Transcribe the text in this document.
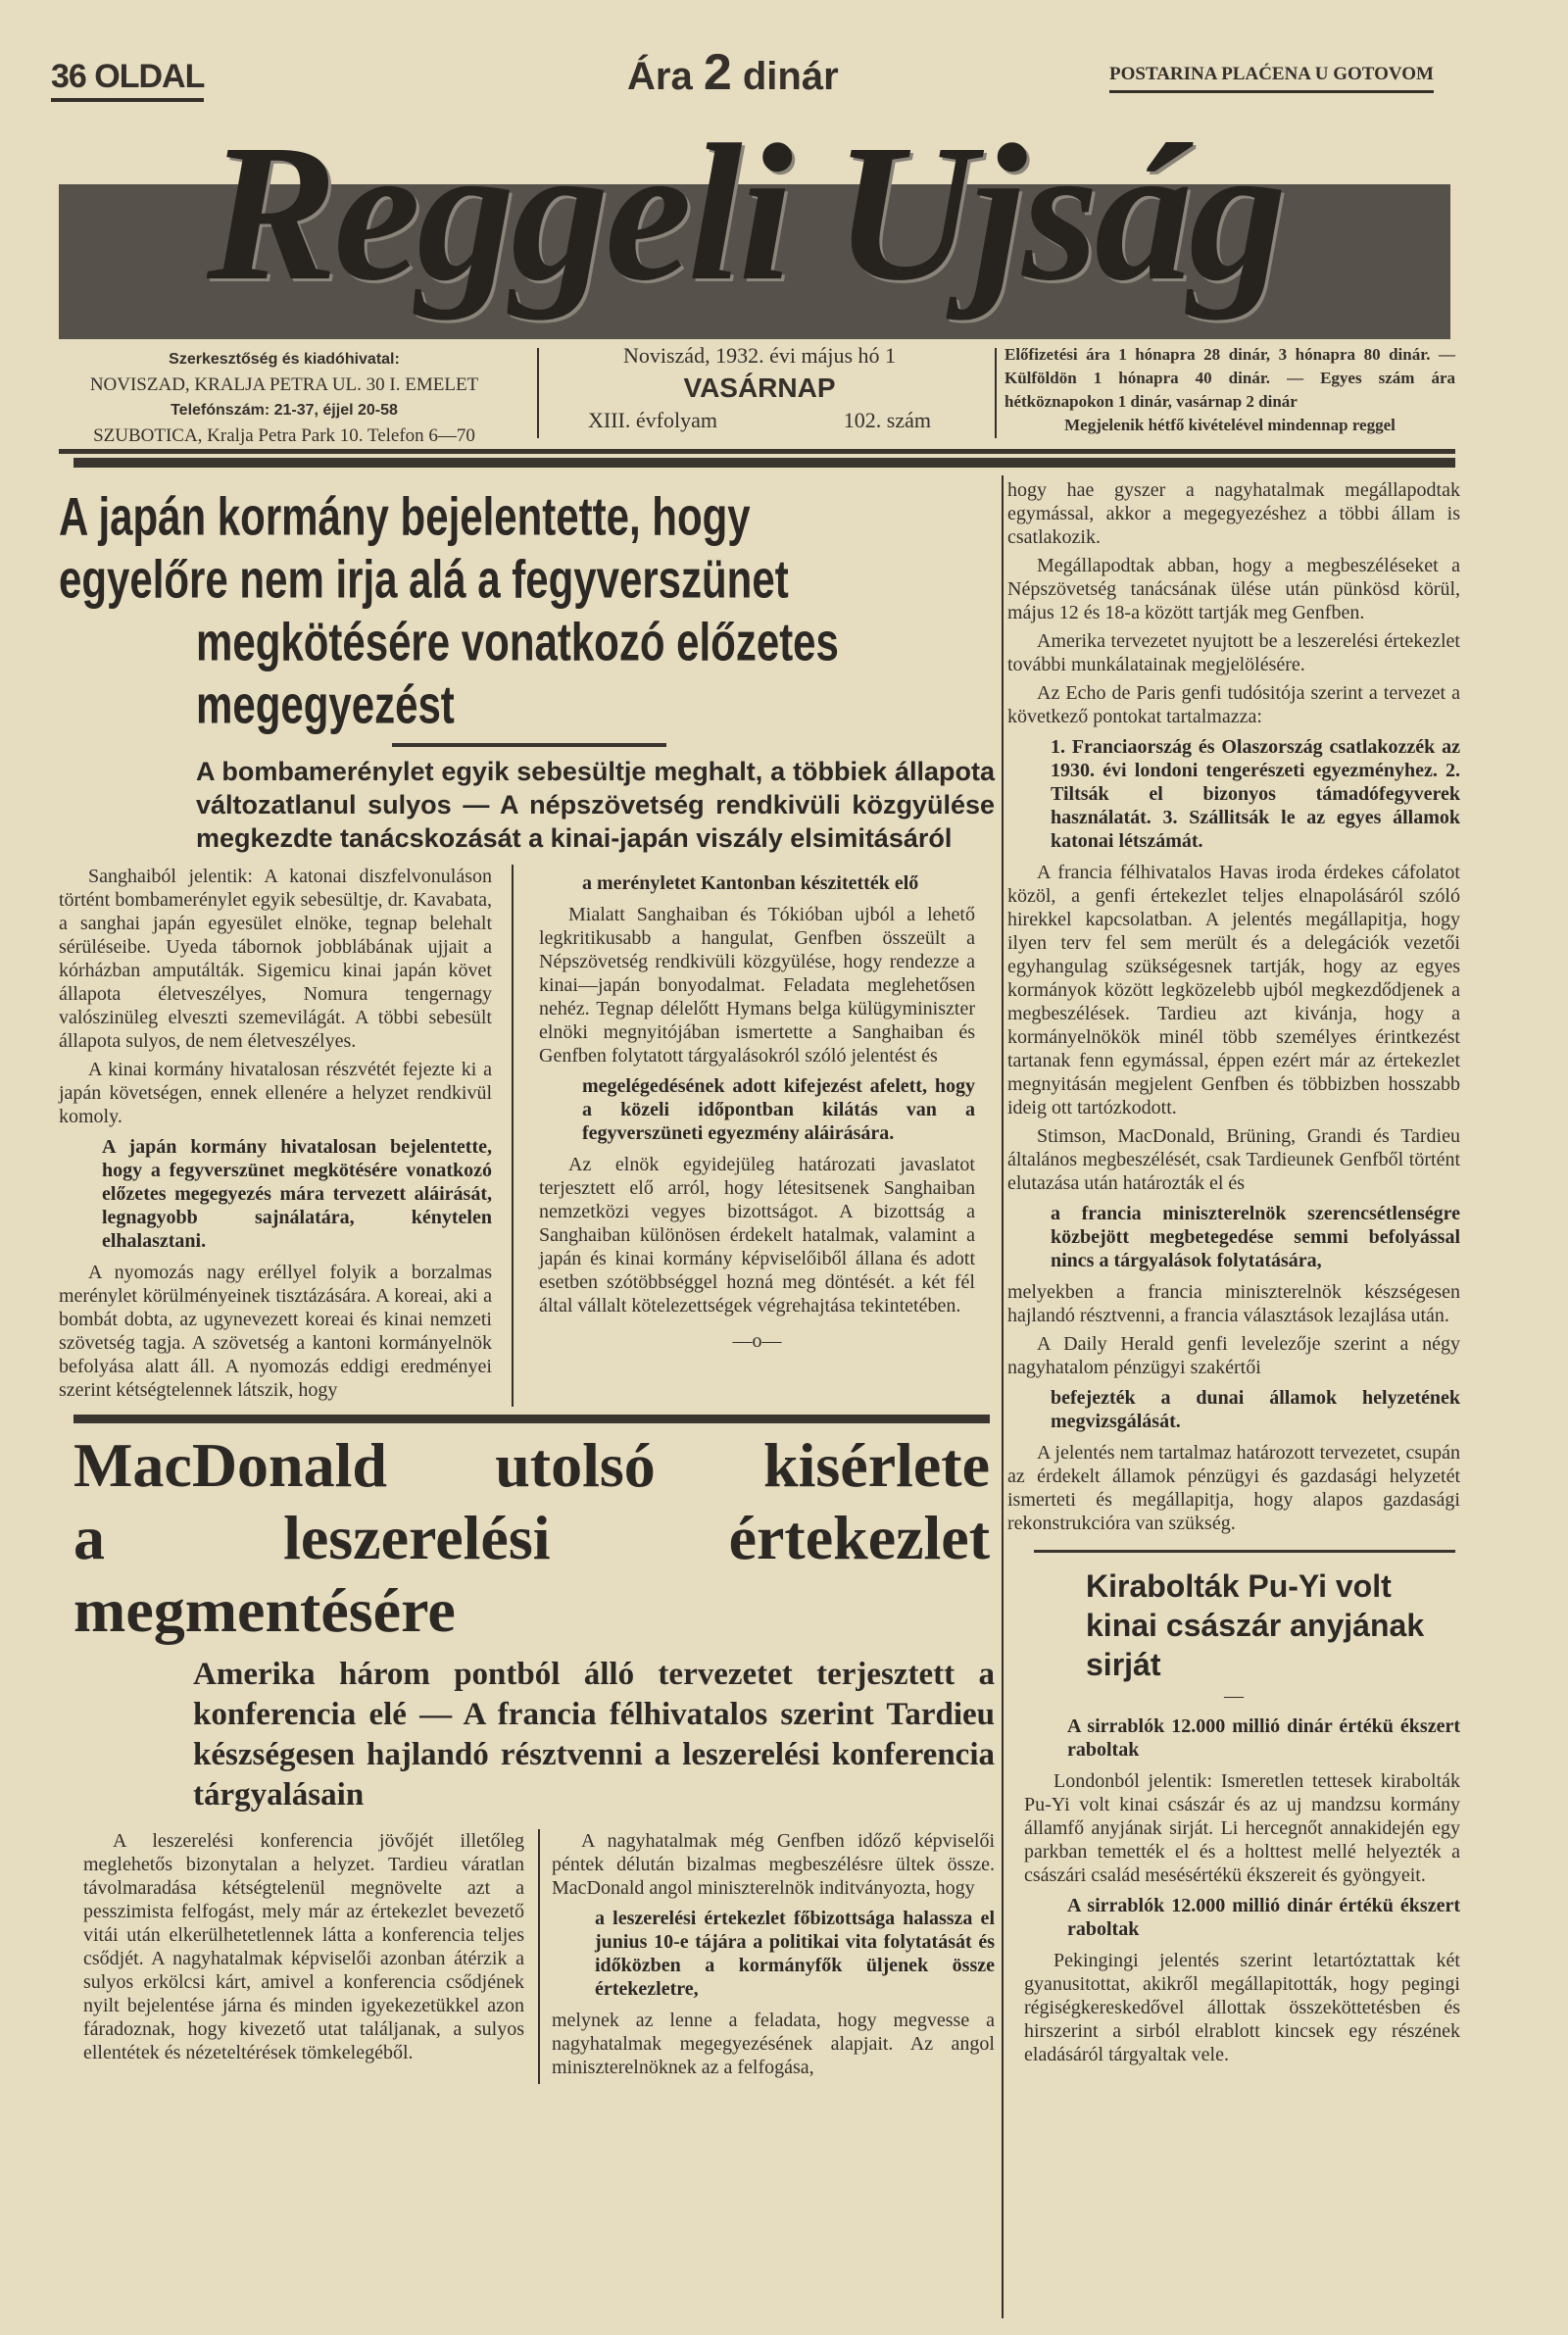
36 OLDAL	Ára 2 dinár	POSTARINA PLAĆENA U GOTOVOM
Reggeli Ujság
Szerkesztőség és kiadóhivatal:
NOVISZAD, KRALJA PETRA UL. 30 I. EMELET
Telefónszám: 21-37, éjjel 20-58
SZUBOTICA, Kralja Petra Park 10. Telefon 6—70
Noviszád, 1932. évi május hó 1
VASÁRNAP
XIII. évfolyam	102. szám
Előfizetési ára 1 hónapra 28 dinár, 3 hónapra 80 dinár. — Külföldön 1 hónapra 40 dinár. — Egyes szám ára hétköznapokon 1 dinár, vasárnap 2 dinár
Megjelenik hétfő kivételével mindennap reggel
A japán kormány bejelentette, hogy
egyelőre nem irja alá a fegyverszünet
megkötésére vonatkozó előzetes
megegyezést
A bombamerénylet egyik sebesültje meghalt, a többiek állapota változatlanul sulyos — A népszövetség rendkivüli közgyülése megkezdte tanácskozását a kinai-japán viszály elsimitásáról

Sanghaiból jelentik: A katonai diszfelvonuláson történt bombamerénylet egyik sebesültje, dr. Kavabata, a sanghai japán egyesület elnöke, tegnap belehalt sérüléseibe. Uyeda tábornok jobblábának ujjait a kórházban amputálták. Sigemicu kinai japán követ állapota életveszélyes, Nomura tengernagy valószinüleg elveszti szemevilágát. A többi sebesült állapota sulyos, de nem életveszélyes.

A kinai kormány hivatalosan részvétét fejezte ki a japán követségen, ennek ellenére a helyzet rendkivül komoly.

A japán kormány hivatalosan bejelentette, hogy a fegyverszünet megkötésére vonatkozó előzetes megegyezés mára tervezett aláirását, legnagyobb sajnálatára, kénytelen elhalasztani.

A nyomozás nagy eréllyel folyik a borzalmas merénylet körülményeinek tisztázására. A koreai, aki a bombát dobta, az ugynevezett koreai és kinai nemzeti szövetség tagja. A szövetség a kantoni kormányelnök befolyása alatt áll. A nyomozás eddigi eredményei szerint kétségtelennek látszik, hogy

a merényletet Kantonban készitették elő

Mialatt Sanghaiban és Tókióban ujból a lehető legkritikusabb a hangulat, Genfben összeült a Népszövetség rendkivüli közgyülése, hogy rendezze a kinai—japán bonyodalmat. Feladata meglehetősen nehéz. Tegnap délelőtt Hymans belga külügyminiszter elnöki megnyitójában ismertette a Sanghaiban és Genfben folytatott tárgyalásokról szóló jelentést és

megelégedésének adott kifejezést afelett, hogy a közeli időpontban kilátás van a fegyverszüneti egyezmény aláirására.

Az elnök egyidejüleg határozati javaslatot terjesztett elő arról, hogy létesitsenek Sanghaiban nemzetközi vegyes bizottságot. A bizottság a Sanghaiban különösen érdekelt hatalmak, valamint a japán és kinai kormány képviselőiből állana és adott esetben szótöbbséggel hozná meg döntését. a két fél által vállalt kötelezettségek végrehajtása tekintetében.

—o—

MacDonald utolsó kisérlete
a leszerelési értekezlet
megmentésére
Amerika három pontból álló tervezetet terjesztett a konferencia elé — A francia félhivatalos szerint Tardieu készségesen hajlandó résztvenni a leszerelési konferencia tárgyalásain

A leszerelési konferencia jövőjét illetőleg meglehetős bizonytalan a helyzet. Tardieu váratlan távolmaradása kétségtelenül megnövelte azt a pesszimista felfogást, mely már az értekezlet bevezető vitái után elkerülhetetlennek látta a konferencia teljes csődjét. A nagyhatalmak képviselői azonban átérzik a sulyos erkölcsi kárt, amivel a konferencia csődjének nyilt bejelentése járna és minden igyekezetükkel azon fáradoznak, hogy kivezető utat találjanak, a sulyos ellentétek és nézeteltérések tömkelegéből.

A nagyhatalmak még Genfben időző képviselői péntek délután bizalmas megbeszélésre ültek össze. MacDonald angol miniszterelnök inditványozta, hogy

a leszerelési értekezlet főbizottsága halassza el junius 10-e tájára a politikai vita folytatását és időközben a kormányfők üljenek össze értekezletre,

melynek az lenne a feladata, hogy megvesse a nagyhatalmak megegyezésének alapjait. Az angol miniszterelnöknek az a felfogása,

hogy hae gyszer a nagyhatalmak megállapodtak egymással, akkor a megegyezéshez a többi állam is csatlakozik.

Megállapodtak abban, hogy a megbeszéléseket a Népszövetség tanácsának ülése után pünkösd körül, május 12 és 18-a között tartják meg Genfben.

Amerika tervezetet nyujtott be a leszerelési értekezlet további munkálatainak megjelölésére.

Az Echo de Paris genfi tudósitója szerint a tervezet a következő pontokat tartalmazza:

1. Franciaország és Olaszország csatlakozzék az 1930. évi londoni tengerészeti egyezményhez. 2. Tiltsák el bizonyos támadófegyverek használatát. 3. Szállitsák le az egyes államok katonai létszámát.

A francia félhivatalos Havas iroda érdekes cáfolatot közöl, a genfi értekezlet teljes elnapolásáról szóló hirekkel kapcsolatban. A jelentés megállapitja, hogy ilyen terv fel sem merült és a delegációk vezetői egyhangulag szükségesnek tartják, hogy az egyes kormányok között legközelebb ujból megkezdődjenek a megbeszélések. Tardieu azt kivánja, hogy a kormányelnökök minél több személyes érintkezést tartanak fenn egymással, éppen ezért már az értekezlet megnyitásán megjelent Genfben és többizben hosszabb ideig ott tartózkodott.

Stimson, MacDonald, Brüning, Grandi és Tardieu általános megbeszélését, csak Tardieunek Genfből történt elutazása után határozták el és

a francia miniszterelnök szerencsétlenségre közbejött megbetegedése semmi befolyással nincs a tárgyalások folytatására,

melyekben a francia miniszterelnök készségesen hajlandó résztvenni, a francia választások lezajlása után.

A Daily Herald genfi levelezője szerint a négy nagyhatalom pénzügyi szakértői

befejezték a dunai államok helyzetének megvizsgálását.

A jelentés nem tartalmaz határozott tervezetet, csupán az érdekelt államok pénzügyi és gazdasági helyzetét ismerteti és megállapitja, hogy alapos gazdasági rekonstrukcióra van szükség.

Kirabolták Pu-Yi volt kinai császár anyjának sirját
—

A sirrablók 12.000 millió dinár értékü ékszert raboltak

Londonból jelentik: Ismeretlen tettesek kirabolták Pu-Yi volt kinai császár és az uj mandzsu kormány államfő anyjának sirját. Li hercegnőt annakidején egy parkban temették el és a holttest mellé helyezték a császári család mesésértékü ékszereit és gyöngyeit.

A sirrablók 12.000 millió dinár értékü ékszert raboltak

Pekingingi jelentés szerint letartóztattak két gyanusitottat, akikről megállapitották, hogy pegingi régiségkereskedővel állottak összeköttetésben és hirszerint a sirból elrablott kincsek egy részének eladásáról tárgyaltak vele.
